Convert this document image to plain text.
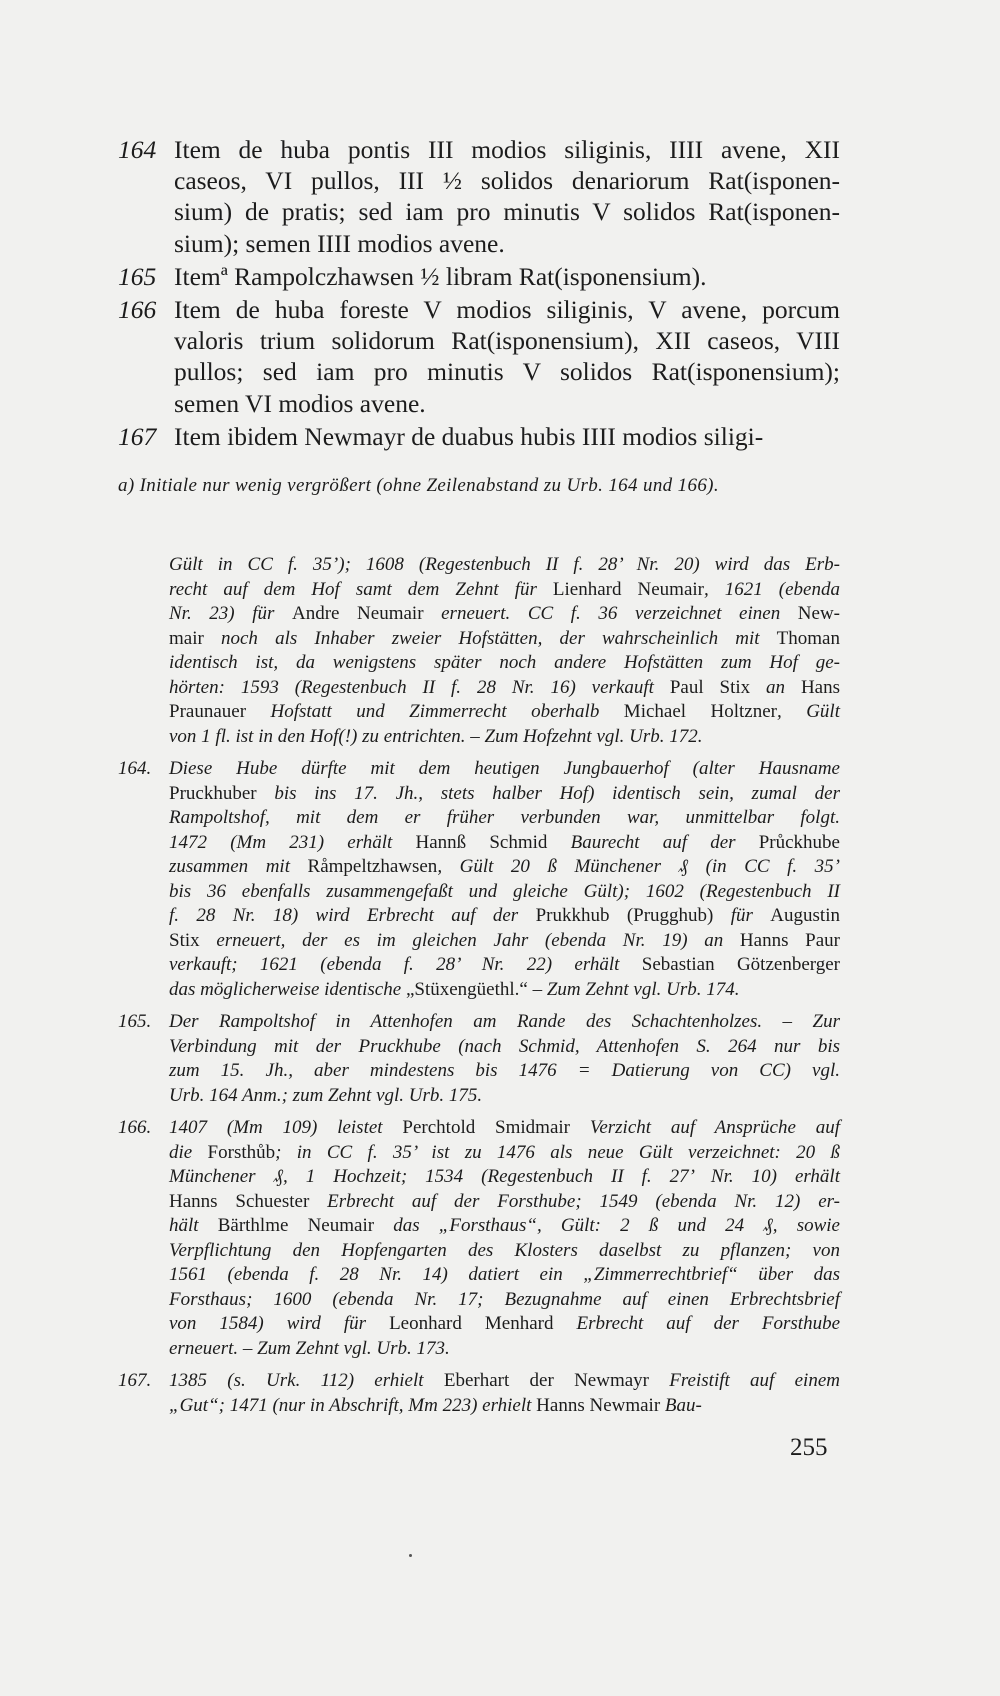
164 Item de huba pontis III modios siliginis, IIII avene, XII
caseos, VI pullos, III ½ solidos denariorum Rat(isponen-
sium) de pratis; sed iam pro minutis V solidos Rat(isponen-
sium); semen IIII modios avene.
165 Itemª Rampolczhawsen ½ libram Rat(isponensium).
166 Item de huba foreste V modios siliginis, V avene, porcum
valoris trium solidorum Rat(isponensium), XII caseos, VIII
pullos; sed iam pro minutis V solidos Rat(isponensium);
semen VI modios avene.
167 Item ibidem Newmayr de duabus hubis IIII modios siligi-
a) Initiale nur wenig vergrößert (ohne Zeilenabstand zu Urb. 164 und 166).
Gült in CC f. 35’); 1608 (Regestenbuch II f. 28’ Nr. 20) wird das Erb-
recht auf dem Hof samt dem Zehnt für Lienhard Neumair, 1621 (ebenda
Nr. 23) für Andre Neumair erneuert. CC f. 36 verzeichnet einen New-
mair noch als Inhaber zweier Hofstätten, der wahrscheinlich mit Thoman
identisch ist, da wenigstens später noch andere Hofstätten zum Hof ge-
hörten: 1593 (Regestenbuch II f. 28 Nr. 16) verkauft Paul Stix an Hans
Praunauer Hofstatt und Zimmerrecht oberhalb Michael Holtzner, Gült
von 1 fl. ist in den Hof(!) zu entrichten. – Zum Hofzehnt vgl. Urb. 172.
164. Diese Hube dürfte mit dem heutigen Jungbauerhof (alter Hausname
Pruckhuber bis ins 17. Jh., stets halber Hof) identisch sein, zumal der
Rampoltshof, mit dem er früher verbunden war, unmittelbar folgt.
1472 (Mm 231) erhält Hannß Schmid Baurecht auf der Průckhube
zusammen mit Råmpeltzhawsen, Gült 20 ß Münchener ₰ (in CC f. 35’
bis 36 ebenfalls zusammengefaßt und gleiche Gült); 1602 (Regestenbuch II
f. 28 Nr. 18) wird Erbrecht auf der Prukkhub (Prugghub) für Augustin
Stix erneuert, der es im gleichen Jahr (ebenda Nr. 19) an Hanns Paur
verkauft; 1621 (ebenda f. 28’ Nr. 22) erhält Sebastian Götzenberger
das möglicherweise identische „Stüxengüethl.“ – Zum Zehnt vgl. Urb. 174.
165. Der Rampoltshof in Attenhofen am Rande des Schachtenholzes. – Zur
Verbindung mit der Pruckhube (nach Schmid, Attenhofen S. 264 nur bis
zum 15. Jh., aber mindestens bis 1476 = Datierung von CC) vgl.
Urb. 164 Anm.; zum Zehnt vgl. Urb. 175.
166. 1407 (Mm 109) leistet Perchtold Smidmair Verzicht auf Ansprüche auf
die Forsthůb; in CC f. 35’ ist zu 1476 als neue Gült verzeichnet: 20 ß
Münchener ₰, 1 Hochzeit; 1534 (Regestenbuch II f. 27’ Nr. 10) erhält
Hanns Schuester Erbrecht auf der Forsthube; 1549 (ebenda Nr. 12) er-
hält Bärthlme Neumair das „Forsthaus“, Gült: 2 ß und 24 ₰, sowie
Verpflichtung den Hopfengarten des Klosters daselbst zu pflanzen; von
1561 (ebenda f. 28 Nr. 14) datiert ein „Zimmerrechtbrief“ über das
Forsthaus; 1600 (ebenda Nr. 17; Bezugnahme auf einen Erbrechtsbrief
von 1584) wird für Leonhard Menhard Erbrecht auf der Forsthube
erneuert. – Zum Zehnt vgl. Urb. 173.
167. 1385 (s. Urk. 112) erhielt Eberhart der Newmayr Freistift auf einem
„Gut“; 1471 (nur in Abschrift, Mm 223) erhielt Hanns Newmair Bau-
255
